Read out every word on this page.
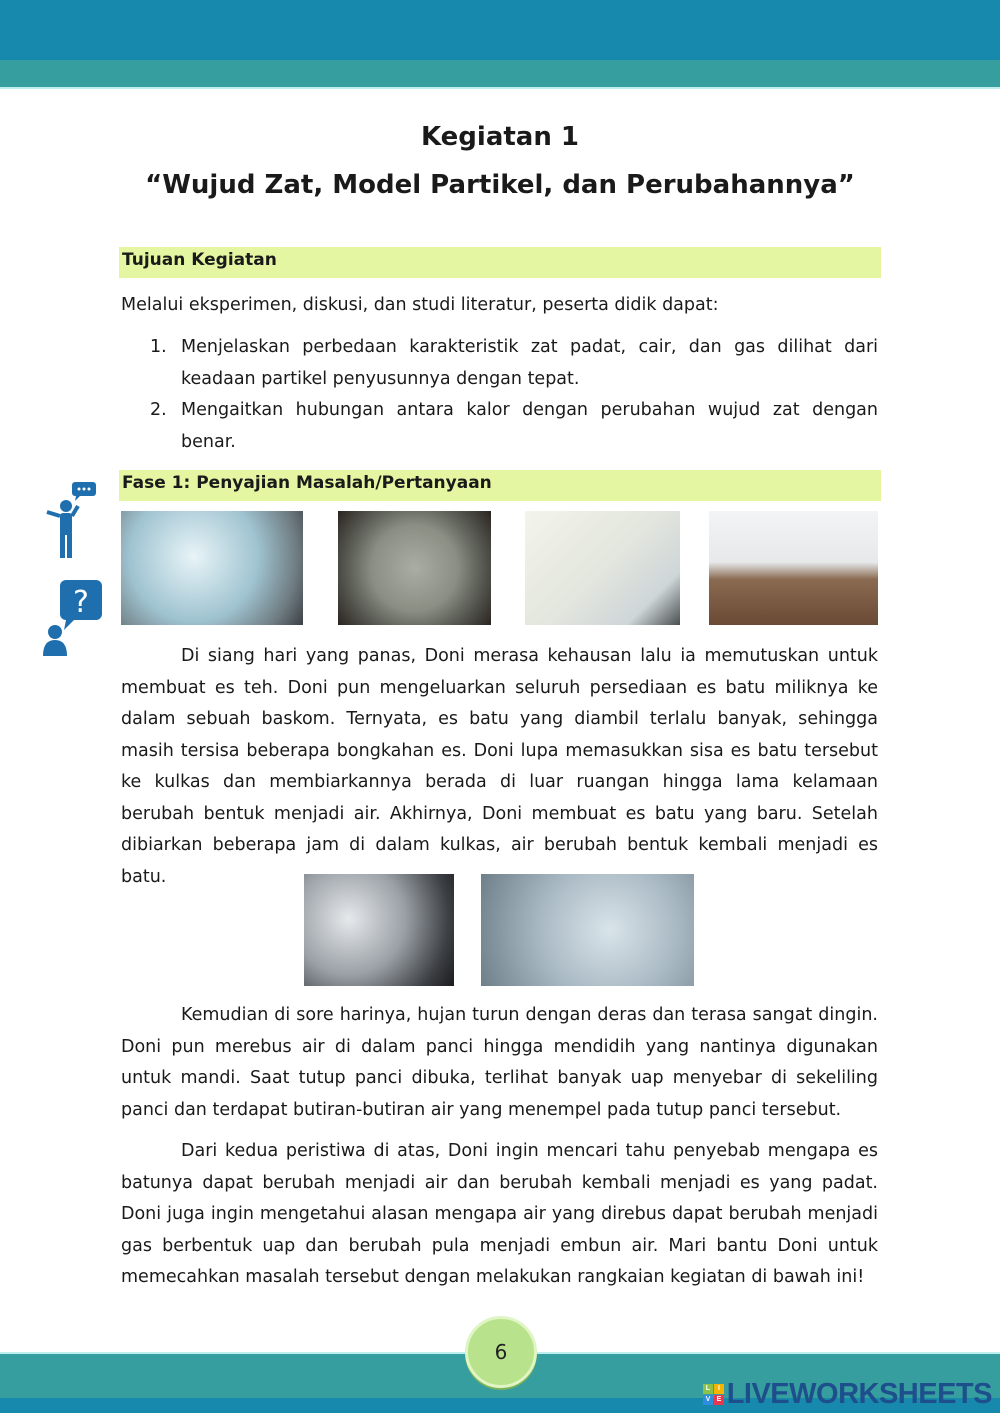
Kegiatan 1
“Wujud Zat, Model Partikel, dan Perubahannya”
Tujuan Kegiatan
Melalui eksperimen, diskusi, dan studi literatur, peserta didik dapat:
1. Menjelaskan perbedaan karakteristik zat padat, cair, dan gas dilihat dari keadaan partikel penyusunnya dengan tepat.
2. Mengaitkan hubungan antara kalor dengan perubahan wujud zat dengan benar.
Fase 1: Penyajian Masalah/Pertanyaan
?
Di siang hari yang panas, Doni merasa kehausan lalu ia memutuskan untuk membuat es teh. Doni pun mengeluarkan seluruh persediaan es batu miliknya ke dalam sebuah baskom. Ternyata, es batu yang diambil terlalu banyak, sehingga masih tersisa beberapa bongkahan es. Doni lupa memasukkan sisa es batu tersebut ke kulkas dan membiarkannya berada di luar ruangan hingga lama kelamaan berubah bentuk menjadi air. Akhirnya, Doni membuat es batu yang baru. Setelah dibiarkan beberapa jam di dalam kulkas, air berubah bentuk kembali menjadi es batu.
Kemudian di sore harinya, hujan turun dengan deras dan terasa sangat dingin. Doni pun merebus air di dalam panci hingga mendidih yang nantinya digunakan untuk mandi. Saat tutup panci dibuka, terlihat banyak uap menyebar di sekeliling panci dan terdapat butiran-butiran air yang menempel pada tutup panci tersebut.
Dari kedua peristiwa di atas, Doni ingin mencari tahu penyebab mengapa es batunya dapat berubah menjadi air dan berubah kembali menjadi es yang padat. Doni juga ingin mengetahui alasan mengapa air yang direbus dapat berubah menjadi gas berbentuk uap dan berubah pula menjadi embun air. Mari bantu Doni untuk memecahkan masalah tersebut dengan melakukan rangkaian kegiatan di bawah ini!
6
L	I
V E LIVEWORKSHEETS
